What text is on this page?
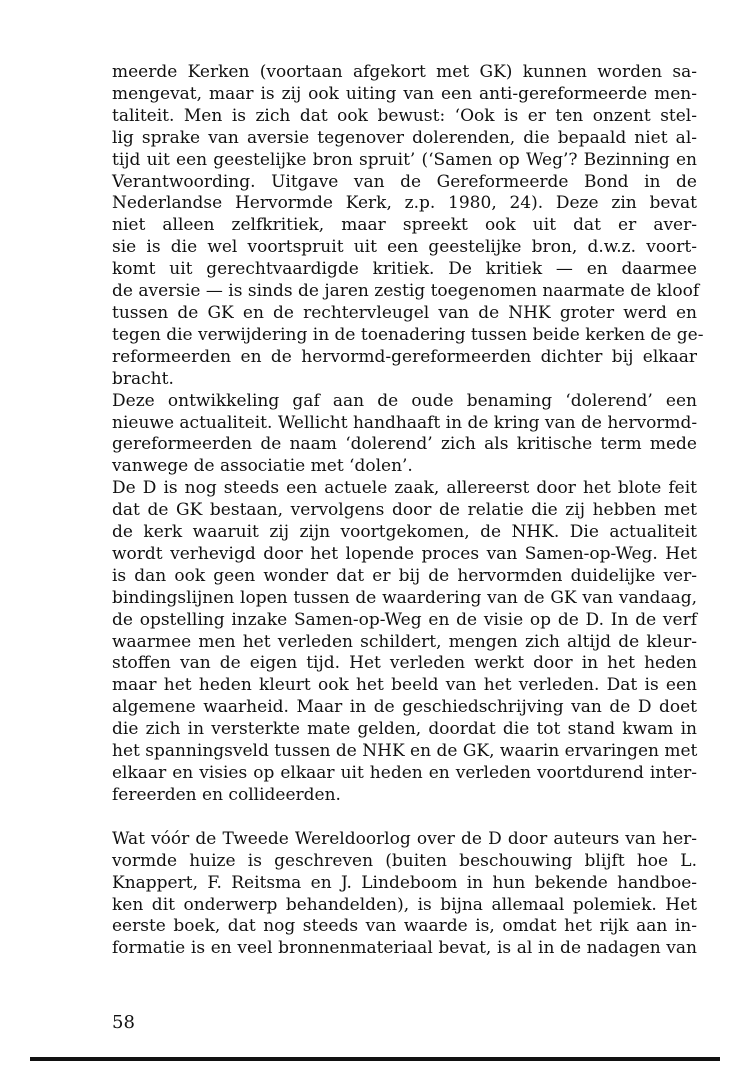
meerde Kerken (voortaan afgekort met GK) kunnen worden sa-
mengevat, maar is zij ook uiting van een anti-gereformeerde men-
taliteit. Men is zich dat ook bewust: ‘Ook is er ten onzent stel-
lig sprake van aversie tegenover dolerenden, die bepaald niet al-
tijd uit een geestelijke bron spruit’ (‘Samen op Weg’? Bezinning en
Verantwoording. Uitgave van de Gereformeerde Bond in de
Nederlandse Hervormde Kerk, z.p. 1980, 24). Deze zin bevat
niet alleen zelfkritiek, maar spreekt ook uit dat er aver-
sie is die wel voortspruit uit een geestelijke bron, d.w.z. voort-
komt uit gerechtvaardigde kritiek. De kritiek — en daarmee
de aversie — is sinds de jaren zestig toegenomen naarmate de kloof
tussen de GK en de rechtervleugel van de NHK groter werd en
tegen die verwijdering in de toenadering tussen beide kerken de ge-
reformeerden en de hervormd-gereformeerden dichter bij elkaar
bracht.

Deze ontwikkeling gaf aan de oude benaming ‘dolerend’ een
nieuwe actualiteit. Wellicht handhaaft in de kring van de hervormd-
gereformeerden de naam ‘dolerend’ zich als kritische term mede
vanwege de associatie met ‘dolen’.

De D is nog steeds een actuele zaak, allereerst door het blote feit
dat de GK bestaan, vervolgens door de relatie die zij hebben met
de kerk waaruit zij zijn voortgekomen, de NHK. Die actualiteit
wordt verhevigd door het lopende proces van Samen-op-Weg. Het
is dan ook geen wonder dat er bij de hervormden duidelijke ver-
bindingslijnen lopen tussen de waardering van de GK van vandaag,
de opstelling inzake Samen-op-Weg en de visie op de D. In de verf
waarmee men het verleden schildert, mengen zich altijd de kleur-
stoffen van de eigen tijd. Het verleden werkt door in het heden
maar het heden kleurt ook het beeld van het verleden. Dat is een
algemene waarheid. Maar in de geschiedschrijving van de D doet
die zich in versterkte mate gelden, doordat die tot stand kwam in
het spanningsveld tussen de NHK en de GK, waarin ervaringen met
elkaar en visies op elkaar uit heden en verleden voortdurend inter-
fereerden en collideerden.

Wat vóór de Tweede Wereldoorlog over de D door auteurs van her-
vormde huize is geschreven (buiten beschouwing blijft hoe L.
Knappert, F. Reitsma en J. Lindeboom in hun bekende handboe-
ken dit onderwerp behandelden), is bijna allemaal polemiek. Het
eerste boek, dat nog steeds van waarde is, omdat het rijk aan in-
formatie is en veel bronnenmateriaal bevat, is al in de nadagen van

58
